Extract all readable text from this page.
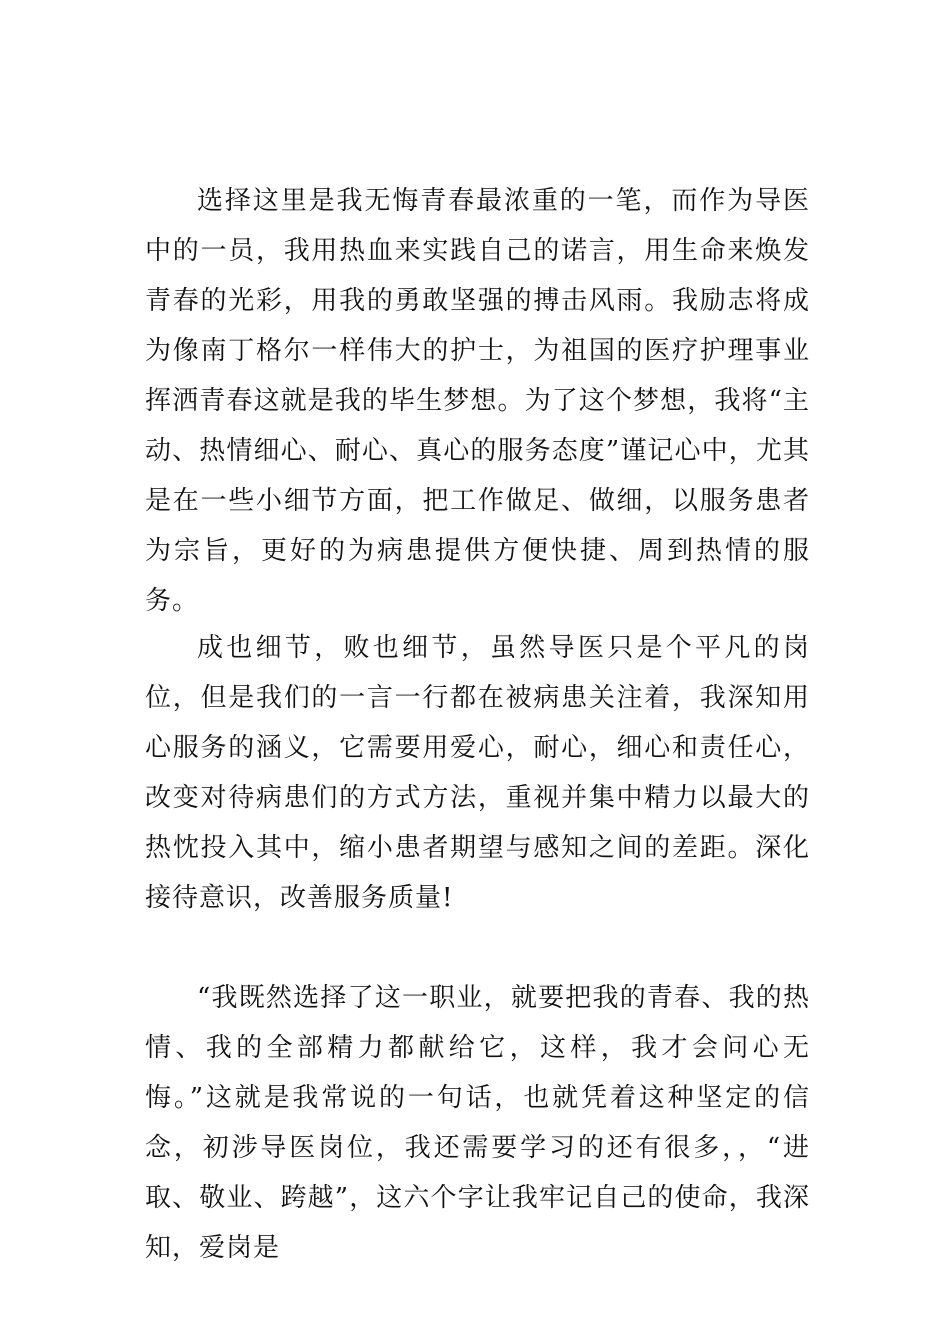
选择这里是我无悔青春最浓重的一笔，而作为导医中的一员，我用热血来实践自己的诺言，用生命来焕发青春的光彩，用我的勇敢坚强的搏击风雨。我励志将成为像南丁格尔一样伟大的护士，为祖国的医疗护理事业挥洒青春这就是我的毕生梦想。为了这个梦想，我将“主动、热情细心、耐心、真心的服务态度”谨记心中，尤其是在一些小细节方面，把工作做足、做细，以服务患者为宗旨，更好的为病患提供方便快捷、周到热情的服务。

成也细节，败也细节，虽然导医只是个平凡的岗位，但是我们的一言一行都在被病患关注着，我深知用心服务的涵义，它需要用爱心，耐心，细心和责任心，改变对待病患们的方式方法，重视并集中精力以最大的热忱投入其中，缩小患者期望与感知之间的差距。深化接待意识，改善服务质量!

“我既然选择了这一职业，就要把我的青春、我的热情、我的全部精力都献给它，这样，我才会问心无悔。”这就是我常说的一句话，也就凭着这种坚定的信念，初涉导医岗位，我还需要学习的还有很多，，“进取、敬业、跨越”，这六个字让我牢记自己的使命，我深知，爱岗是
